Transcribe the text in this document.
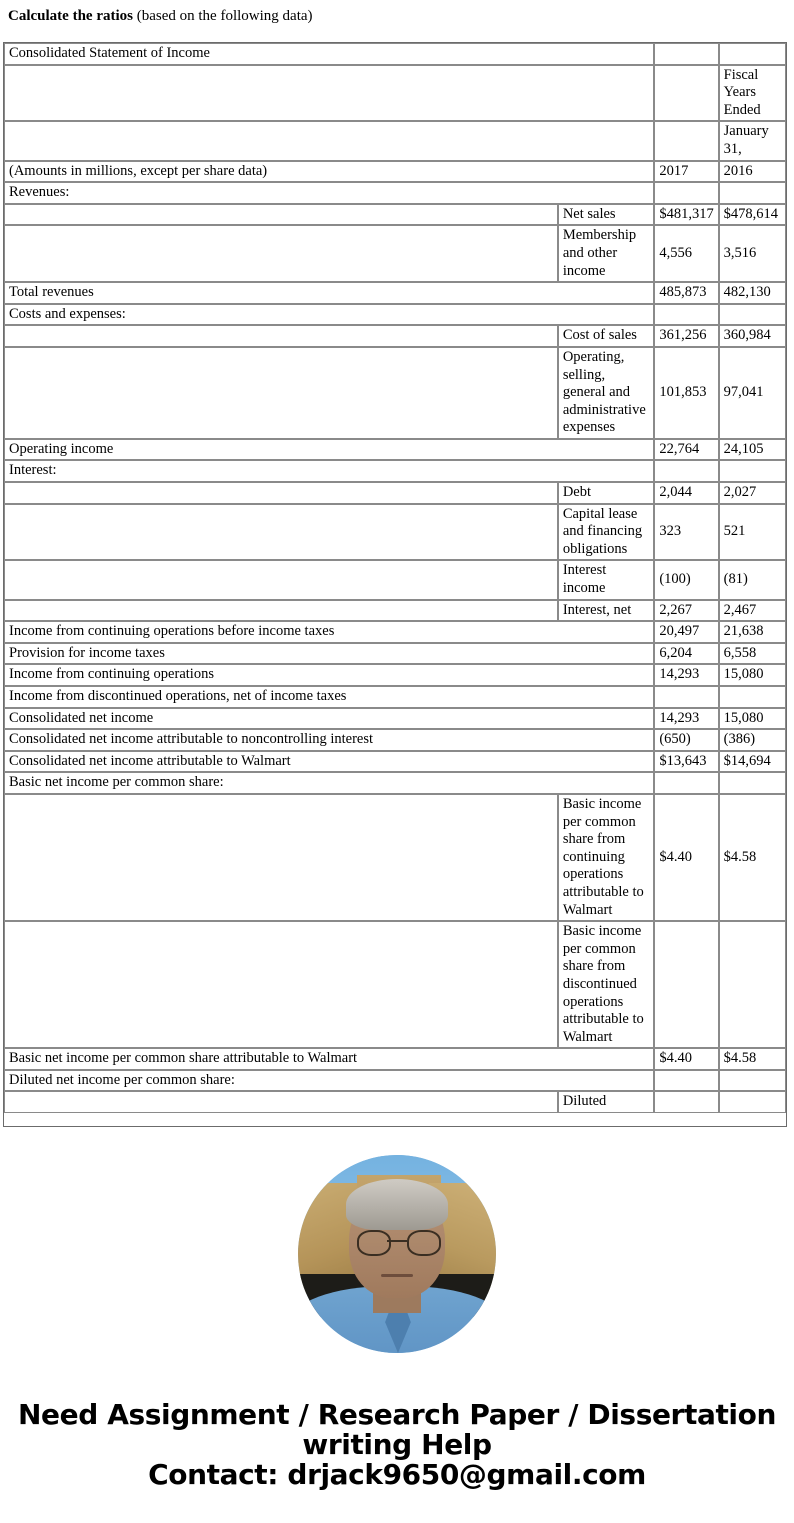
Calculate the ratios (based on the following data)
Consolidated Statement of Income			
			Fiscal Years Ended
			January 31,
(Amounts in millions, except per share data)		2017	2016
Revenues:			
	Net sales	$481,317	$478,614
	Membership and other income	4,556	3,516
Total revenues		485,873	482,130
Costs and expenses:			
	Cost of sales	361,256	360,984
	Operating, selling, general and administrative expenses	101,853	97,041
Operating income		22,764	24,105
Interest:			
	Debt	2,044	2,027
	Capital lease and financing obligations	323	521
	Interest income	(100)	(81)
	Interest, net	2,267	2,467
Income from continuing operations before income taxes		20,497	21,638
Provision for income taxes		6,204	6,558
Income from continuing operations		14,293	15,080
Income from discontinued operations, net of income taxes			
Consolidated net income		14,293	15,080
Consolidated net income attributable to noncontrolling interest		(650)	(386)
Consolidated net income attributable to Walmart		$13,643	$14,694
Basic net income per common share:			
	Basic income per common share from continuing operations attributable to Walmart	$4.40	$4.58
	Basic income per common share from discontinued operations attributable to Walmart		
Basic net income per common share attributable to Walmart		$4.40	$4.58
Diluted net income per common share:			
	Diluted		
Need Assignment / Research Paper / Dissertation
writing Help
Contact: drjack9650@gmail.com
